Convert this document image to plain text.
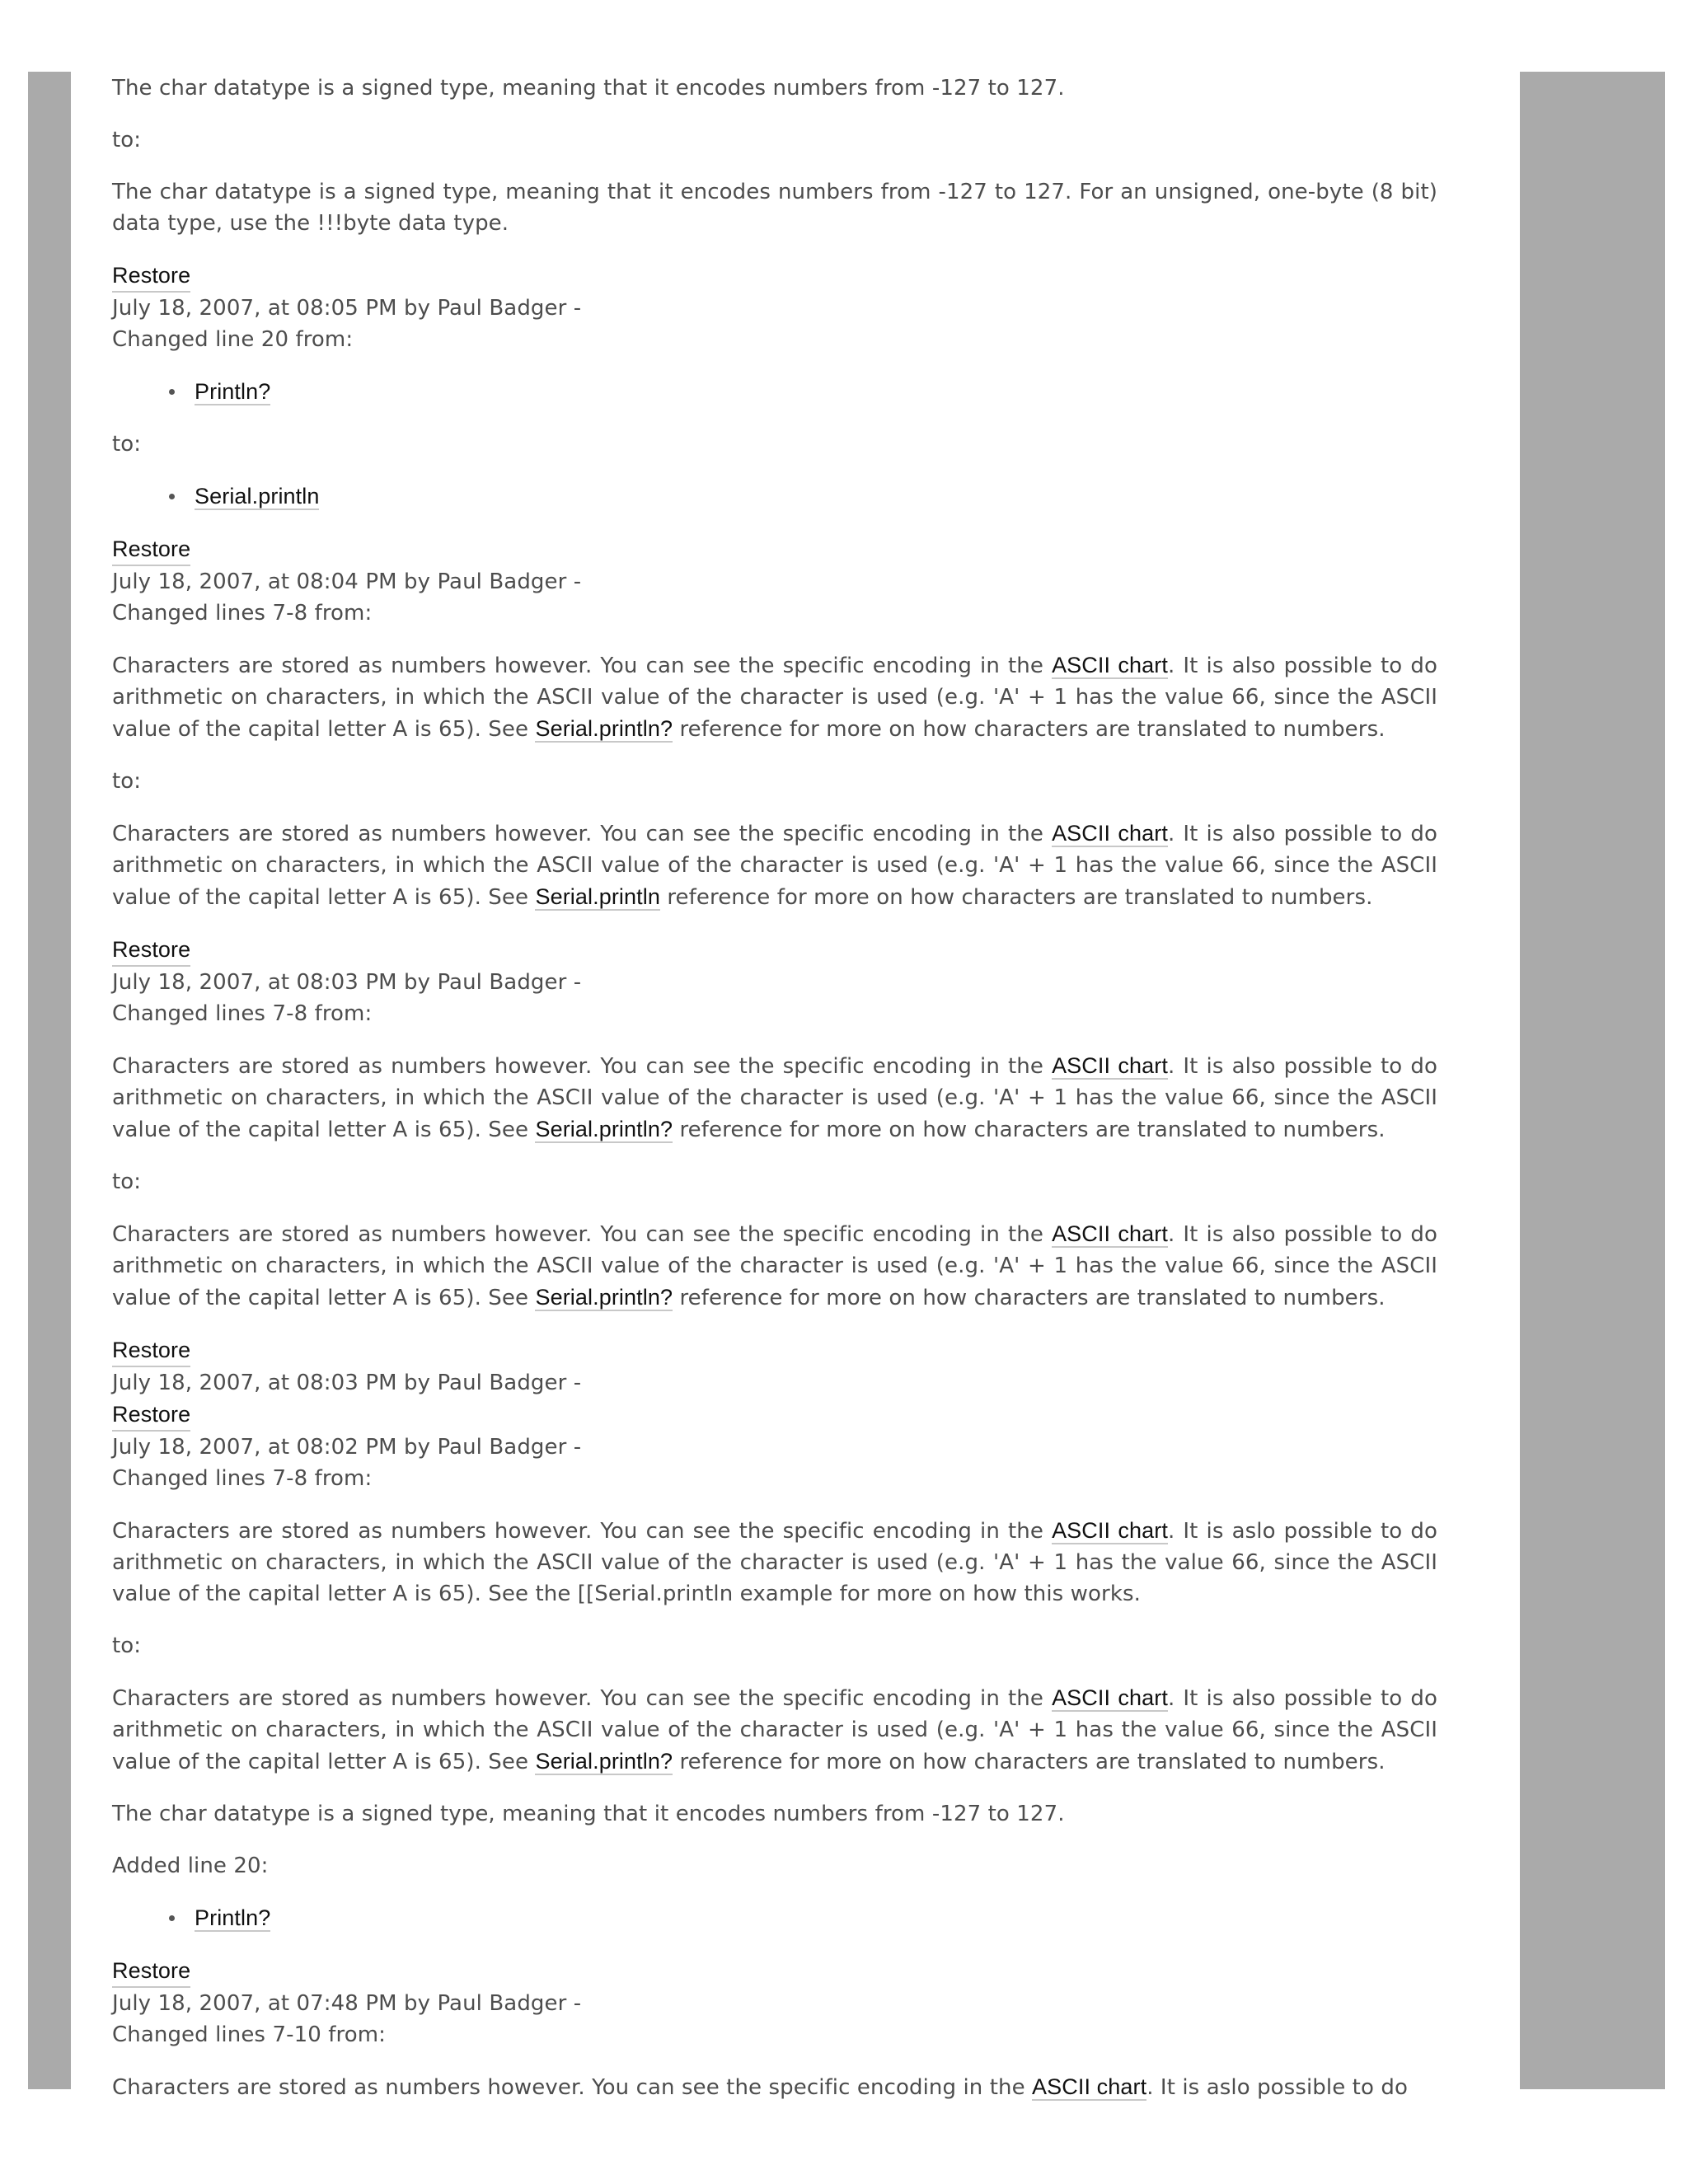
The char datatype is a signed type, meaning that it encodes numbers from -127 to 127.

to:

The char datatype is a signed type, meaning that it encodes numbers from -127 to 127. For an unsigned, one-byte (8 bit) data type, use the !!!byte data type.

Restore
July 18, 2007, at 08:05 PM by Paul Badger -
Changed line 20 from:
Println?

to:

Serial.println
Restore
July 18, 2007, at 08:04 PM by Paul Badger -
Changed lines 7-8 from:

Characters are stored as numbers however. You can see the specific encoding in the ASCII chart. It is also possible to do arithmetic on characters, in which the ASCII value of the character is used (e.g. 'A' + 1 has the value 66, since the ASCII value of the capital letter A is 65). See Serial.println? reference for more on how characters are translated to numbers.

to:

Characters are stored as numbers however. You can see the specific encoding in the ASCII chart. It is also possible to do arithmetic on characters, in which the ASCII value of the character is used (e.g. 'A' + 1 has the value 66, since the ASCII value of the capital letter A is 65). See Serial.println reference for more on how characters are translated to numbers.

Restore
July 18, 2007, at 08:03 PM by Paul Badger -
Changed lines 7-8 from:

Characters are stored as numbers however. You can see the specific encoding in the ASCII chart. It is also possible to do arithmetic on characters, in which the ASCII value of the character is used (e.g. 'A' + 1 has the value 66, since the ASCII value of the capital letter A is 65). See Serial.println? reference for more on how characters are translated to numbers.

to:

Characters are stored as numbers however. You can see the specific encoding in the ASCII chart. It is also possible to do arithmetic on characters, in which the ASCII value of the character is used (e.g. 'A' + 1 has the value 66, since the ASCII value of the capital letter A is 65). See Serial.println? reference for more on how characters are translated to numbers.

Restore
July 18, 2007, at 08:03 PM by Paul Badger -
Restore
July 18, 2007, at 08:02 PM by Paul Badger -
Changed lines 7-8 from:

Characters are stored as numbers however. You can see the specific encoding in the ASCII chart. It is aslo possible to do arithmetic on characters, in which the ASCII value of the character is used (e.g. 'A' + 1 has the value 66, since the ASCII value of the capital letter A is 65). See the [[Serial.println example for more on how this works.

to:

Characters are stored as numbers however. You can see the specific encoding in the ASCII chart. It is also possible to do arithmetic on characters, in which the ASCII value of the character is used (e.g. 'A' + 1 has the value 66, since the ASCII value of the capital letter A is 65). See Serial.println? reference for more on how characters are translated to numbers.

The char datatype is a signed type, meaning that it encodes numbers from -127 to 127.

Added line 20:

Println?
Restore
July 18, 2007, at 07:48 PM by Paul Badger -
Changed lines 7-10 from:

Characters are stored as numbers however. You can see the specific encoding in the ASCII chart. It is aslo possible to do
